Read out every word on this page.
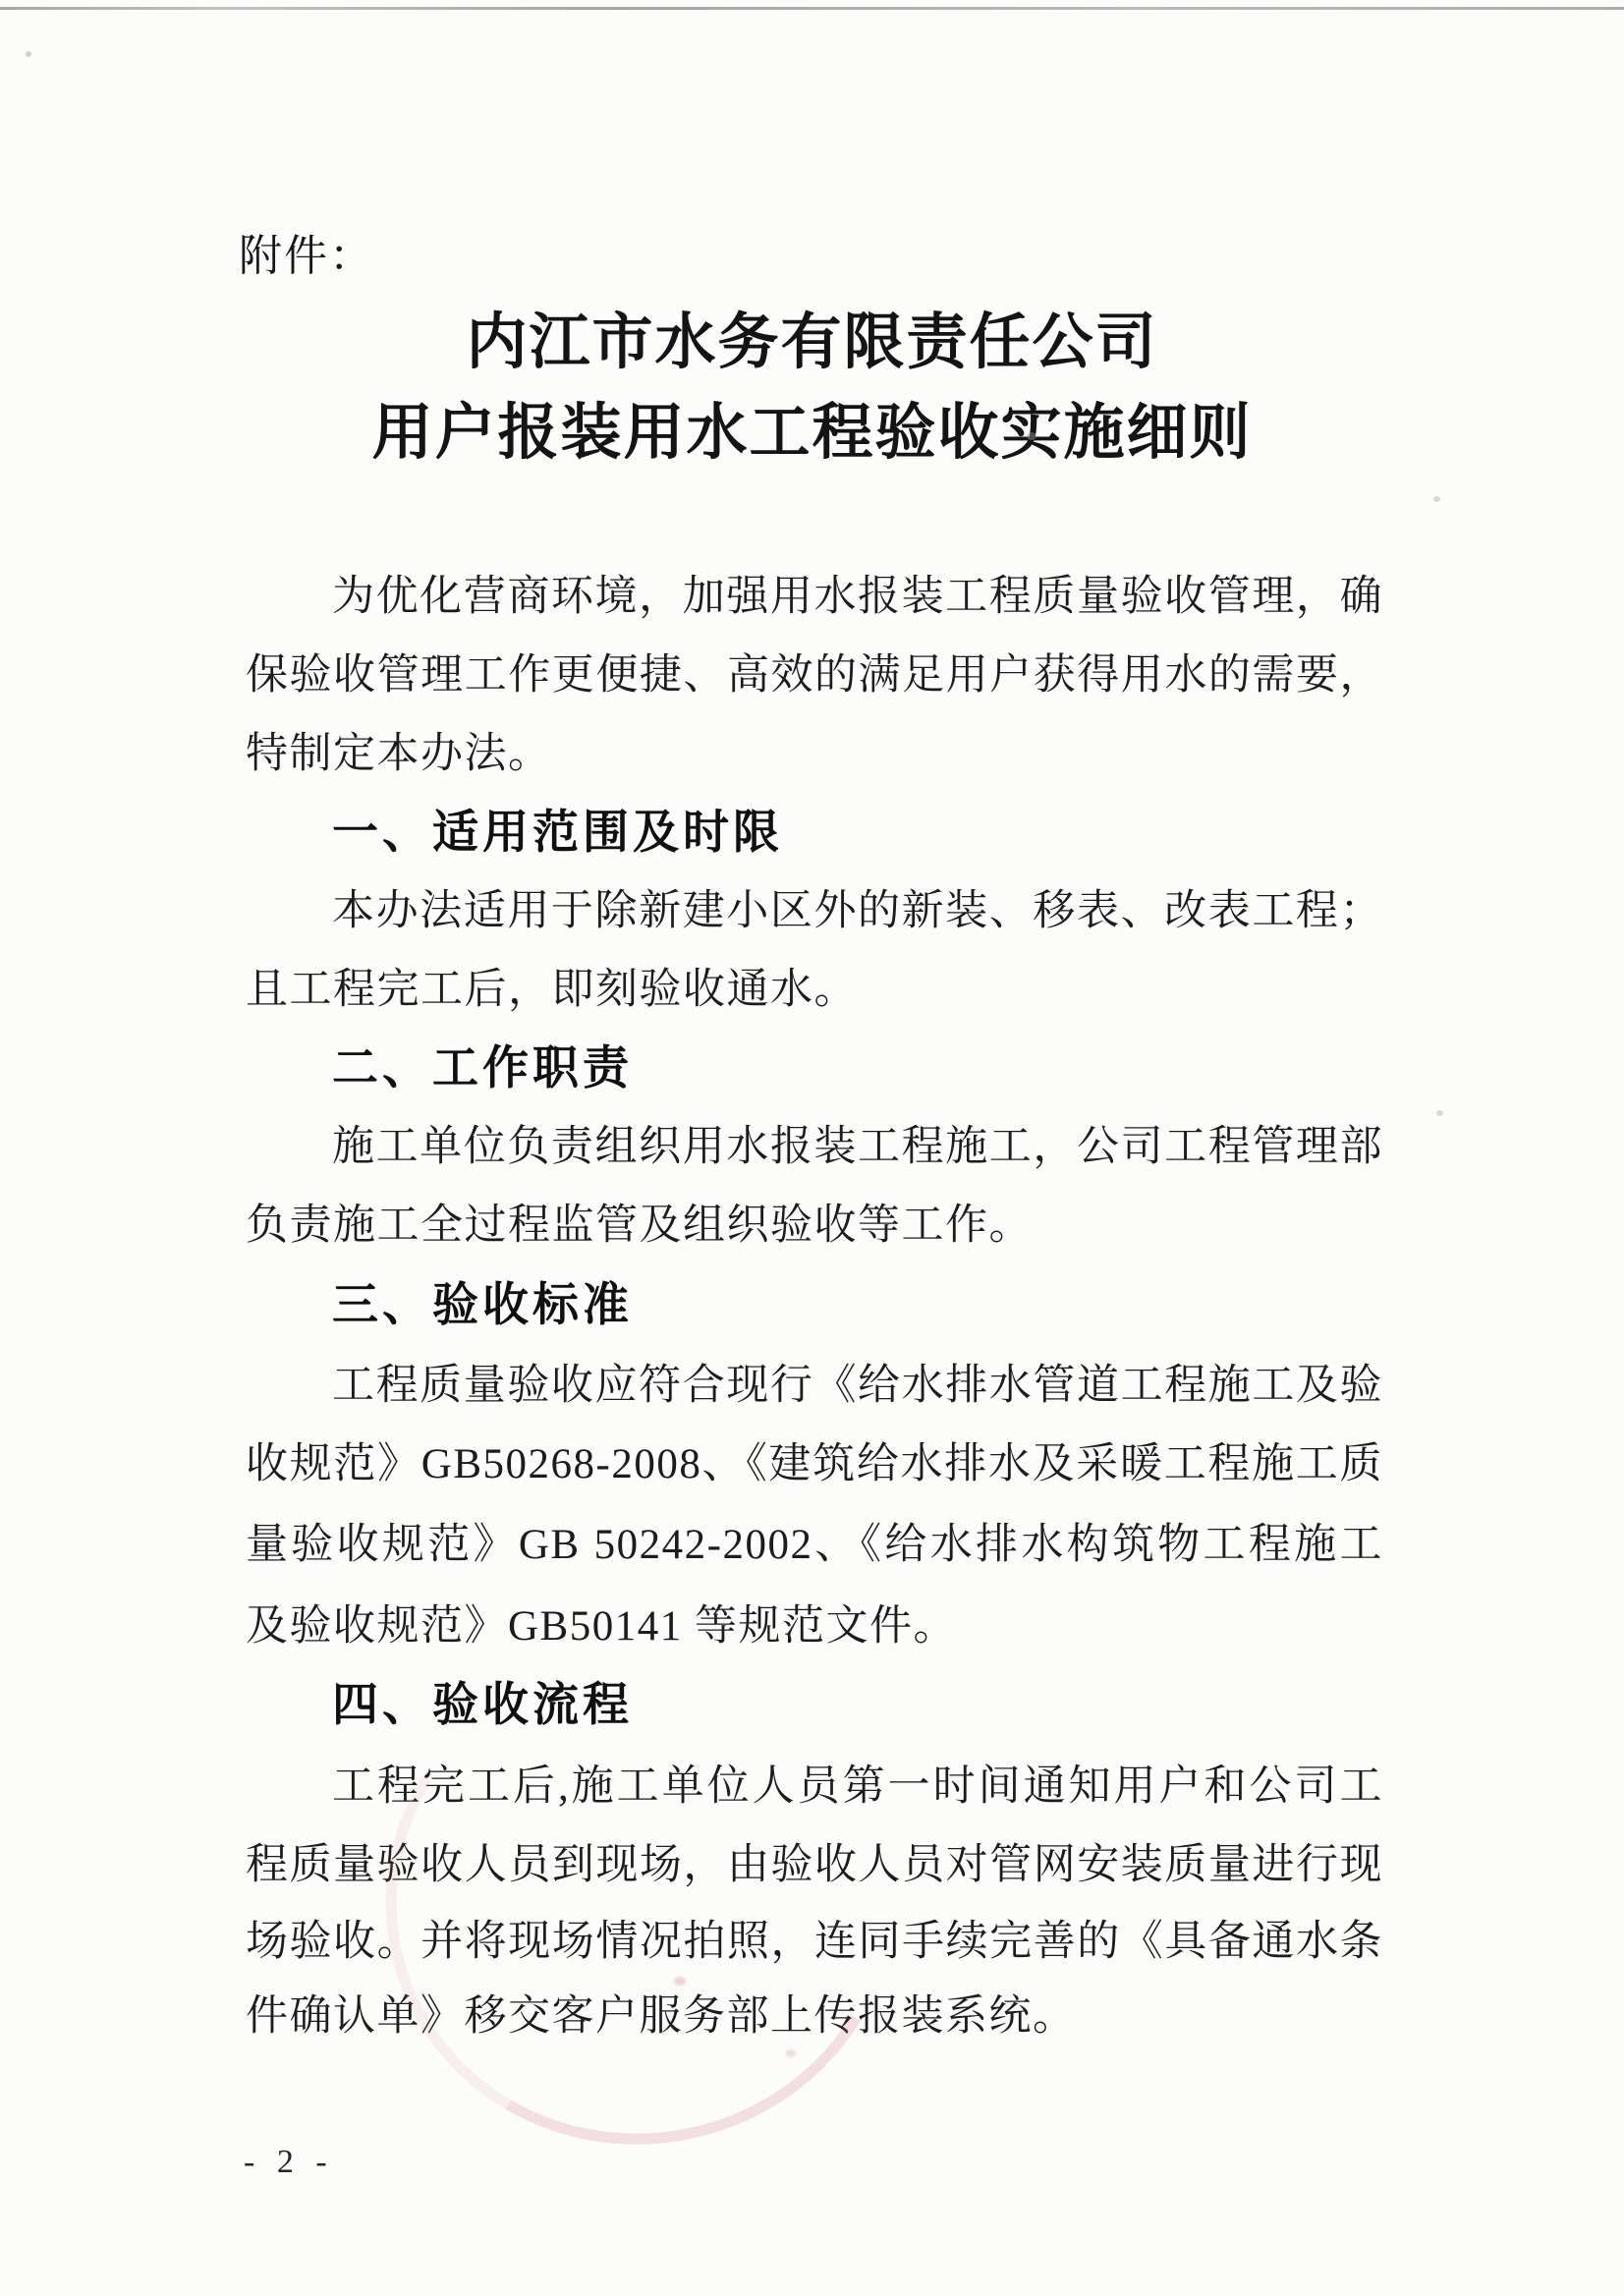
附件：
内江市水务有限责任公司
用户报装用水工程验收实施细则
为优化营商环境，加强用水报装工程质量验收管理，确
保验收管理工作更便捷、高效的满足用户获得用水的需要，
特制定本办法。
一、适用范围及时限
本办法适用于除新建小区外的新装、移表、改表工程；
且工程完工后，即刻验收通水。
二、工作职责
施工单位负责组织用水报装工程施工，公司工程管理部
负责施工全过程监管及组织验收等工作。
三、验收标准
工程质量验收应符合现行《给水排水管道工程施工及验
收规范》GB50268-2008、《建筑给水排水及采暖工程施工质
量验收规范》GB 50242-2002、《给水排水构筑物工程施工
及验收规范》GB50141 等规范文件。
四、验收流程
工程完工后,施工单位人员第一时间通知用户和公司工
程质量验收人员到现场，由验收人员对管网安装质量进行现
场验收。并将现场情况拍照，连同手续完善的《具备通水条
件确认单》移交客户服务部上传报装系统。
- 2 -
